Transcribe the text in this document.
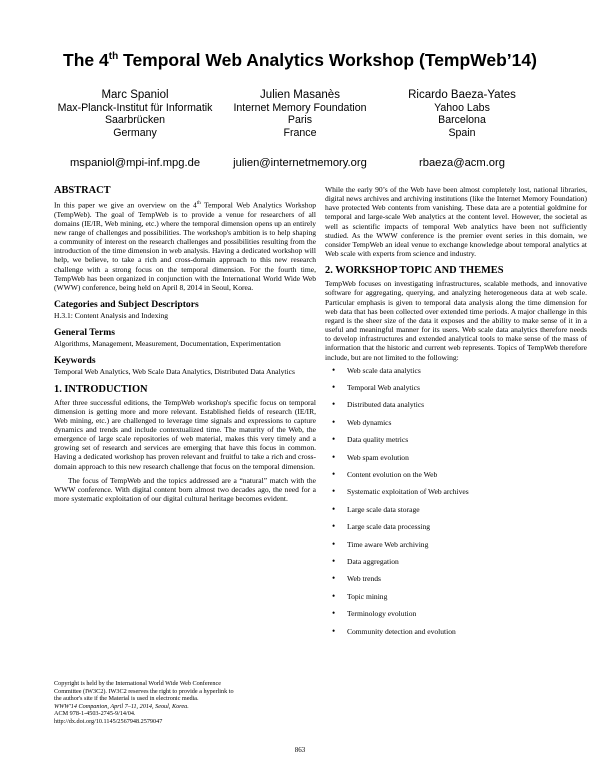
The 4th Temporal Web Analytics Workshop (TempWeb’14)
Marc Spaniol
Max-Planck-Institut für Informatik
Saarbrücken
Germany
mspaniol@mpi-inf.mpg.de
Julien Masanès
Internet Memory Foundation
Paris
France
julien@internetmemory.org
Ricardo Baeza-Yates
Yahoo Labs
Barcelona
Spain
rbaeza@acm.org
ABSTRACT

In this paper we give an overview on the 4th Temporal Web Analytics Workshop (TempWeb). The goal of TempWeb is to provide a venue for researchers of all domains (IE/IR, Web mining, etc.) where the temporal dimension opens up an entirely new range of challenges and possibilities. The workshop's ambition is to help shaping a community of interest on the research challenges and possibilities resulting from the introduction of the time dimension in web analysis. Having a dedicated workshop will help, we believe, to take a rich and cross-domain approach to this new research challenge with a strong focus on the temporal dimension. For the fourth time, TempWeb has been organized in conjunction with the International World Wide Web (WWW) conference, being held on April 8, 2014 in Seoul, Korea.

Categories and Subject Descriptors

H.3.1: Content Analysis and Indexing

General Terms

Algorithms, Management, Measurement, Documentation, Experimentation

Keywords

Temporal Web Analytics, Web Scale Data Analytics, Distributed Data Analytics

1. INTRODUCTION

After three successful editions, the TempWeb workshop's specific focus on temporal dimension is getting more and more relevant. Established fields of research (IE/IR, Web mining, etc.) are challenged to leverage time signals and expressions to capture dynamics and trends and include contextualized time. The maturity of the Web, the emergence of large scale repositories of web material, makes this very timely and a growing set of research and services are emerging that have this focus in common. Having a dedicated workshop has proven relevant and fruitful to take a rich and cross-domain approach to this new research challenge that focus on the temporal dimension.

The focus of TempWeb and the topics addressed are a “natural” match with the WWW conference. With digital content born almost two decades ago, the need for a more systematic exploitation of our digital cultural heritage becomes evident.

Copyright is held by the International World Wide Web Conference
Committee (IW3C2). IW3C2 reserves the right to provide a hyperlink to
the author's site if the Material is used in electronic media.
WWW'14 Companion, April 7–11, 2014, Seoul, Korea.
ACM 978-1-4503-2745-9/14/04.
http://dx.doi.org/10.1145/2567948.2579047

While the early 90’s of the Web have been almost completely lost, national libraries, digital news archives and archiving institutions (like the Internet Memory Foundation) have protected Web contents from vanishing. These data are a potential goldmine for temporal and large-scale Web analytics at the content level. However, the societal as well as scientific impacts of temporal Web analytics have been not sufficiently studied. As the WWW conference is the premier event series in this domain, we consider TempWeb an ideal venue to exchange knowledge about temporal analytics at Web scale with experts from science and industry.

2. WORKSHOP TOPIC AND THEMES

TempWeb focuses on investigating infrastructures, scalable methods, and innovative software for aggregating, querying, and analyzing heterogeneous data at web scale. Particular emphasis is given to temporal data analysis along the time dimension for web data that has been collected over extended time periods. A major challenge in this regard is the sheer size of the data it exposes and the ability to make sense of it in a useful and meaningful manner for its users. Web scale data analytics therefore needs to develop infrastructures and extended analytical tools to make sense of the mass of information that the historic and current web represents. Topics of TempWeb therefore include, but are not limited to the following:

• Web scale data analytics
• Temporal Web analytics
• Distributed data analytics
• Web dynamics
• Data quality metrics
• Web spam evolution
• Content evolution on the Web
• Systematic exploitation of Web archives
• Large scale data storage
• Large scale data processing
• Time aware Web archiving
• Data aggregation
• Web trends
• Topic mining
• Terminology evolution
• Community detection and evolution
863
